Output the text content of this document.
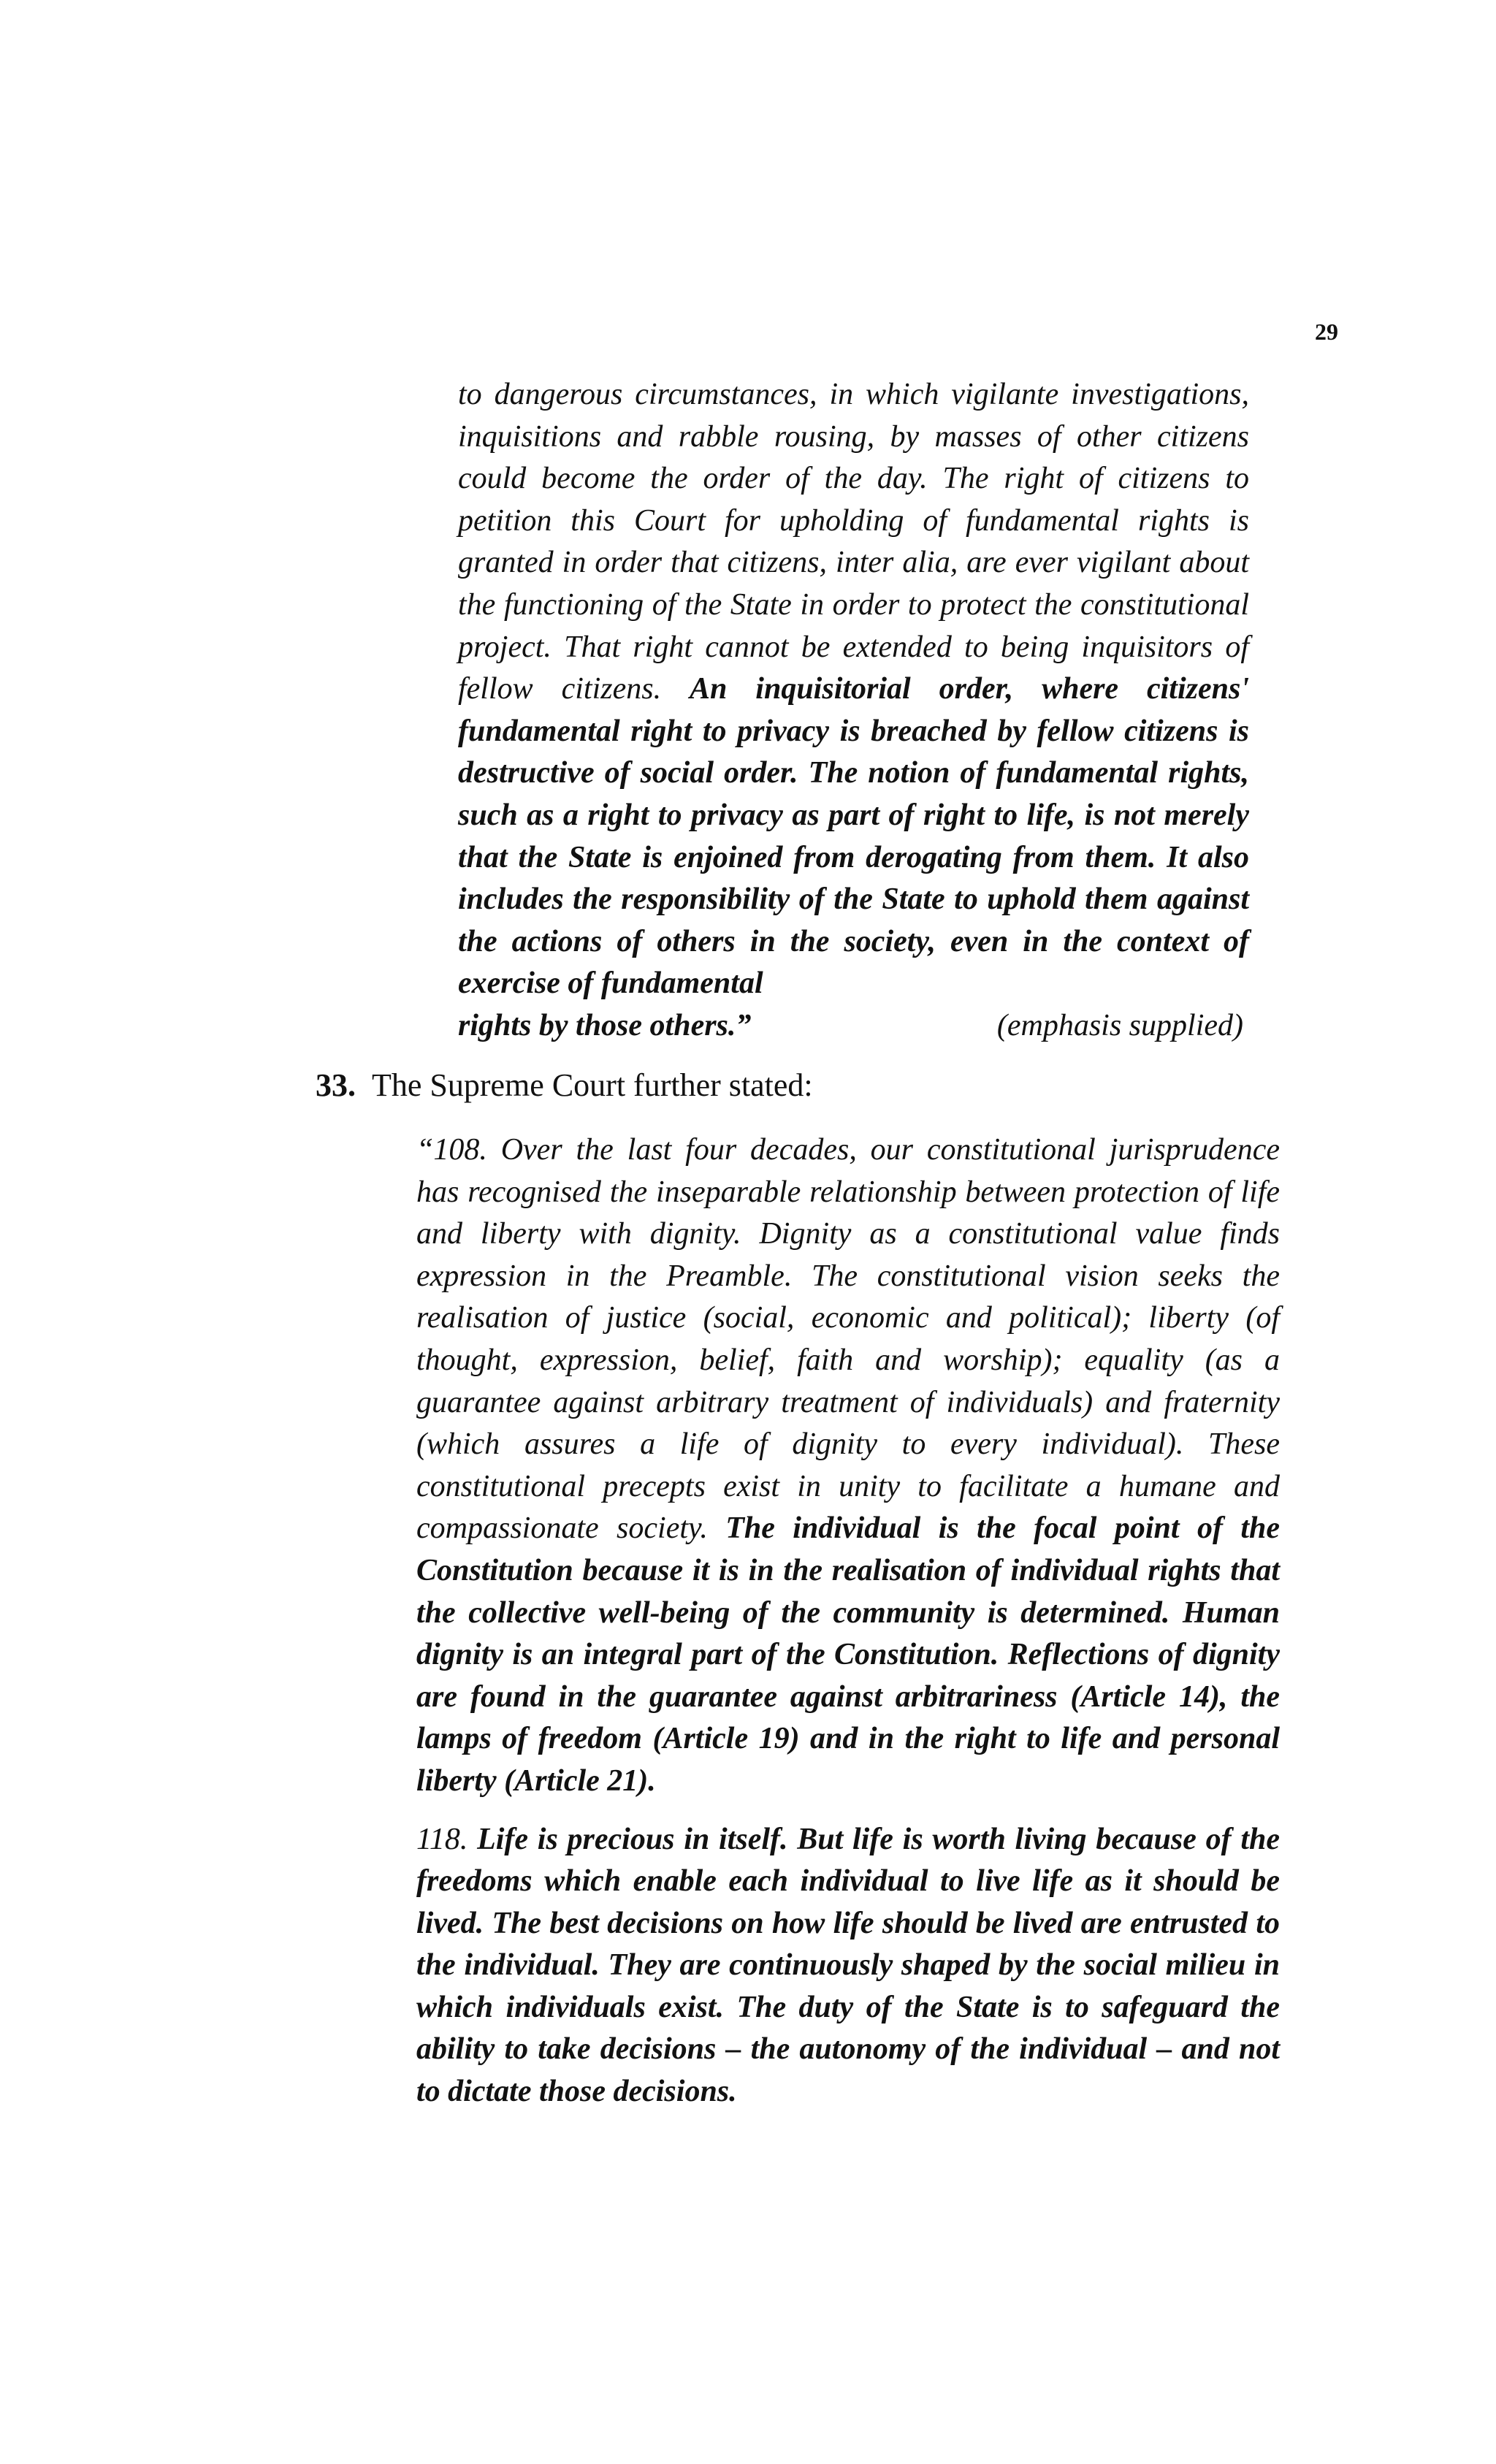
29
to dangerous circumstances, in which vigilante investigations, inquisitions and rabble rousing, by masses of other citizens could become the order of the day. The right of citizens to petition this Court for upholding of fundamental rights is granted in order that citizens, inter alia, are ever vigilant about the functioning of the State in order to protect the constitutional project. That right cannot be extended to being inquisitors of fellow citizens. An inquisitorial order, where citizens' fundamental right to privacy is breached by fellow citizens is destructive of social order. The notion of fundamental rights, such as a right to privacy as part of right to life, is not merely that the State is enjoined from derogating from them. It also includes the responsibility of the State to uphold them against the actions of others in the society, even in the context of exercise of fundamental
rights by those others.”	(emphasis supplied)
33. The Supreme Court further stated:
“108. Over the last four decades, our constitutional jurisprudence has recognised the inseparable relationship between protection of life and liberty with dignity. Dignity as a constitutional value finds expression in the Preamble. The constitutional vision seeks the realisation of justice (social, economic and political); liberty (of thought, expression, belief, faith and worship); equality (as a guarantee against arbitrary treatment of individuals) and fraternity (which assures a life of dignity to every individual). These constitutional precepts exist in unity to facilitate a humane and compassionate society. The individual is the focal point of the Constitution because it is in the realisation of individual rights that the collective well-being of the community is determined. Human dignity is an integral part of the Constitution. Reflections of dignity are found in the guarantee against arbitrariness (Article 14), the lamps of freedom (Article 19) and in the right to life and personal liberty (Article 21).
118. Life is precious in itself. But life is worth living because of the freedoms which enable each individual to live life as it should be lived. The best decisions on how life should be lived are entrusted to the individual. They are continuously shaped by the social milieu in which individuals exist. The duty of the State is to safeguard the ability to take decisions – the autonomy of the individual – and not to dictate those decisions.
